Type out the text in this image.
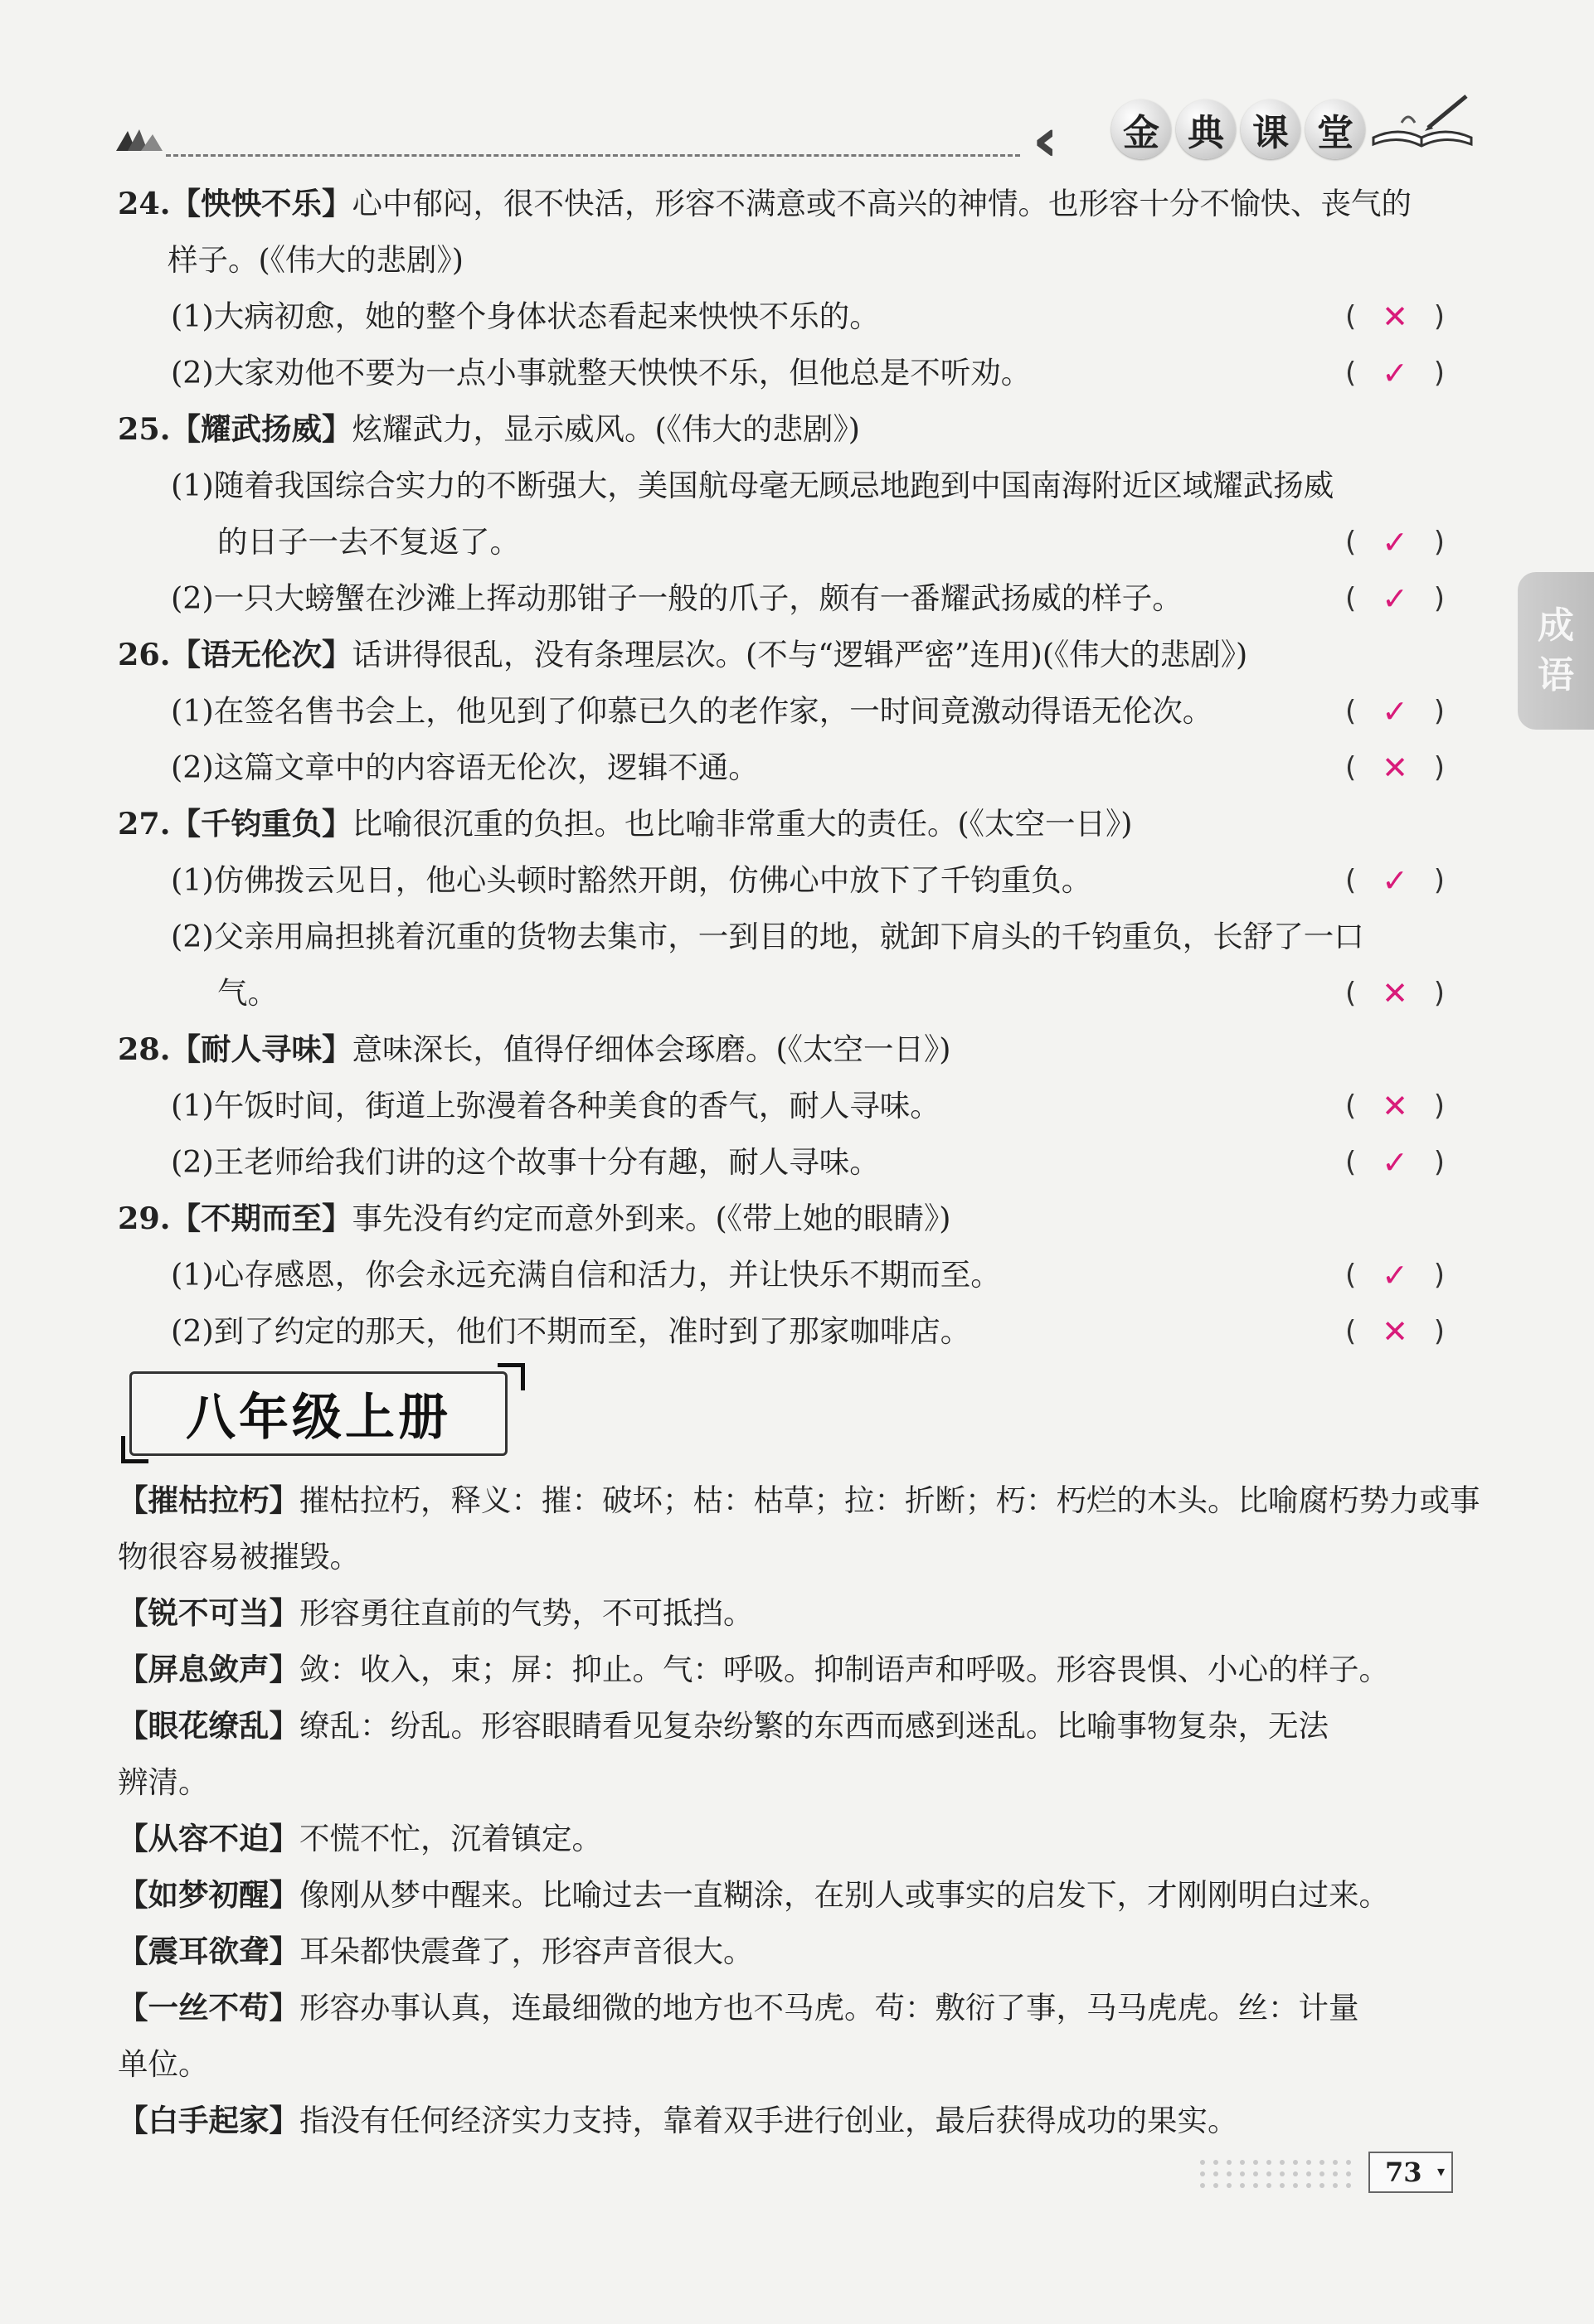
‹‹‹	金 典 课 堂
成
语
24.【怏怏不乐】心中郁闷，很不快活，形容不满意或不高兴的神情。也形容十分不愉快、丧气的
样子。(《伟大的悲剧》)
(1)大病初愈，她的整个身体状态看起来怏怏不乐的。	( ✕ )
(2)大家劝他不要为一点小事就整天怏怏不乐，但他总是不听劝。	( ✓ )
25.【耀武扬威】炫耀武力，显示威风。(《伟大的悲剧》)
(1)随着我国综合实力的不断强大，美国航母毫无顾忌地跑到中国南海附近区域耀武扬威
的日子一去不复返了。	( ✓ )
(2)一只大螃蟹在沙滩上挥动那钳子一般的爪子，颇有一番耀武扬威的样子。	( ✓ )
26.【语无伦次】话讲得很乱，没有条理层次。(不与“逻辑严密”连用)(《伟大的悲剧》)
(1)在签名售书会上，他见到了仰慕已久的老作家，一时间竟激动得语无伦次。	( ✓ )
(2)这篇文章中的内容语无伦次，逻辑不通。	( ✕ )
27.【千钧重负】比喻很沉重的负担。也比喻非常重大的责任。(《太空一日》)
(1)仿佛拨云见日，他心头顿时豁然开朗，仿佛心中放下了千钧重负。	( ✓ )
(2)父亲用扁担挑着沉重的货物去集市，一到目的地，就卸下肩头的千钧重负，长舒了一口
气。	( ✕ )
28.【耐人寻味】意味深长，值得仔细体会琢磨。(《太空一日》)
(1)午饭时间，街道上弥漫着各种美食的香气，耐人寻味。	( ✕ )
(2)王老师给我们讲的这个故事十分有趣，耐人寻味。	( ✓ )
29.【不期而至】事先没有约定而意外到来。(《带上她的眼睛》)
(1)心存感恩，你会永远充满自信和活力，并让快乐不期而至。	( ✓ )
(2)到了约定的那天，他们不期而至，准时到了那家咖啡店。	( ✕ )
八年级上册
【摧枯拉朽】摧枯拉朽，释义：摧：破坏；枯：枯草；拉：折断；朽：朽烂的木头。比喻腐朽势力或事
物很容易被摧毁。
【锐不可当】形容勇往直前的气势，不可抵挡。
【屏息敛声】敛：收入，束；屏：抑止。气：呼吸。抑制语声和呼吸。形容畏惧、小心的样子。
【眼花缭乱】缭乱：纷乱。形容眼睛看见复杂纷繁的东西而感到迷乱。比喻事物复杂，无法
辨清。
【从容不迫】不慌不忙，沉着镇定。
【如梦初醒】像刚从梦中醒来。比喻过去一直糊涂，在别人或事实的启发下，才刚刚明白过来。
【震耳欲聋】耳朵都快震聋了，形容声音很大。
【一丝不苟】形容办事认真，连最细微的地方也不马虎。苟：敷衍了事，马马虎虎。丝：计量
单位。
【白手起家】指没有任何经济实力支持，靠着双手进行创业，最后获得成功的果实。
73 ▾
